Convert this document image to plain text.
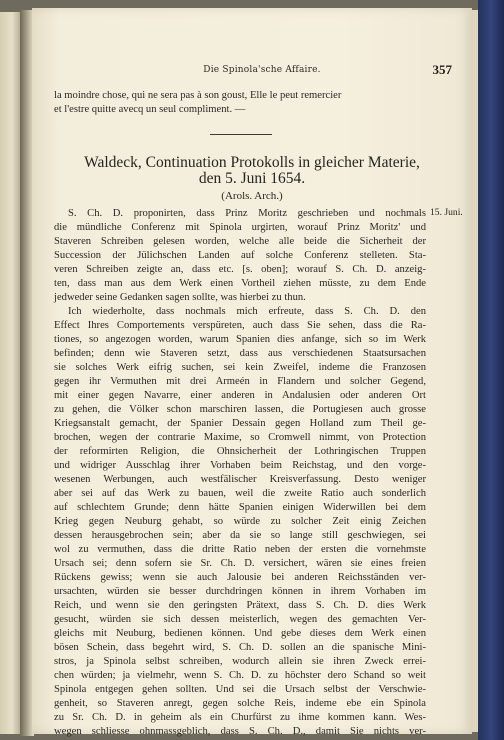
Die Spinola'sche Affaire.	357
la moindre chose, qui ne sera pas à son goust, Elle le peut remercier
et l'estre quitte avecq un seul compliment. —
Waldeck, Continuation Protokolls in gleicher Materie,
den 5. Juni 1654.
(Arols. Arch.)
15. Juni.
S. Ch. D. proponirten, dass Prinz Moritz geschrieben und nochmals
die mündliche Conferenz mit Spinola urgirten, worauf Prinz Moritz' und
Staveren Schreiben gelesen worden, welche alle beide die Sicherheit der
Succession der Jülichschen Landen auf solche Conferenz stelleten. Sta-
veren Schreiben zeigte an, dass etc. [s. oben]; worauf S. Ch. D. anzeig-
ten, dass man aus dem Werk einen Vortheil ziehen müsste, zu dem Ende
jedweder seine Gedanken sagen sollte, was hierbei zu thun.
Ich wiederholte, dass nochmals mich erfreute, dass S. Ch. D. den
Effect Ihres Comportements verspüreten, auch dass Sie sehen, dass die Ra-
tiones, so angezogen worden, warum Spanien dies anfange, sich so im Werk
befinden; denn wie Staveren setzt, dass aus verschiedenen Staatsursachen
sie solches Werk eifrig suchen, sei kein Zweifel, indeme die Franzosen
gegen ihr Vermuthen mit drei Armeén in Flandern und solcher Gegend,
mit einer gegen Navarre, einer anderen in Andalusien oder anderen Ort
zu gehen, die Völker schon marschiren lassen, die Portugiesen auch grosse
Kriegsanstalt gemacht, der Spanier Dessain gegen Holland zum Theil ge-
brochen, wegen der contrarie Maxime, so Cromwell nimmt, von Protection
der reformirten Religion, die Ohnsicherheit der Lothringischen Truppen
und widriger Ausschlag ihrer Vorhaben beim Reichstag, und den vorge-
wesenen Werbungen, auch westfälischer Kreisverfassung. Desto weniger
aber sei auf das Werk zu bauen, weil die zweite Ratio auch sonderlich
auf schlechtem Grunde; denn hätte Spanien einigen Widerwillen bei dem
Krieg gegen Neuburg gehabt, so würde zu solcher Zeit einig Zeichen
dessen herausgebrochen sein; aber da sie so lange still geschwiegen, sei
wol zu vermuthen, dass die dritte Ratio neben der ersten die vornehmste
Ursach sei; denn sofern sie Sr. Ch. D. versichert, wären sie eines freien
Rückens gewiss; wenn sie auch Jalousie bei anderen Reichsständen ver-
ursachten, würden sie besser durchdringen können in ihrem Vorhaben im
Reich, und wenn sie den geringsten Prätext, dass S. Ch. D. dies Werk
gesucht, würden sie sich dessen meisterlich, wegen des gemachten Ver-
gleichs mit Neuburg, bedienen können. Und gebe dieses dem Werk einen
bösen Schein, dass begehrt wird, S. Ch. D. sollen an die spanische Mini-
stros, ja Spinola selbst schreiben, wodurch allein sie ihren Zweck errei-
chen würden; ja vielmehr, wenn S. Ch. D. zu höchster dero Schand so weit
Spinola entgegen gehen sollten. Und sei die Ursach selbst der Verschwie-
genheit, so Staveren anregt, gegen solche Reis, indeme ebe ein Spinola
zu Sr. Ch. D. in geheim als ein Churfürst zu ihme kommen kann. Wes-
wegen schliesse ohnmassgeblich, dass S. Ch. D., damit Sie nichts ver-
